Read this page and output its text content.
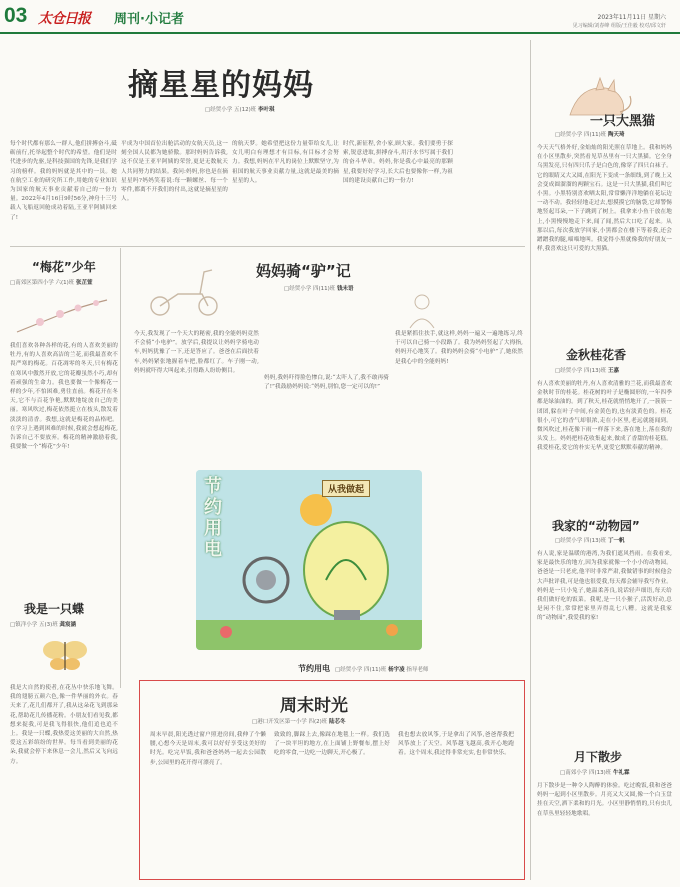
03 太仓日报 周刊·小记者	2023年11月11日 星期六
见习编辑/刘春峰 组版/王佳毅 校对/邱文轩
摘星星的妈妈
□经贸小学 五(12)班 李叶琪
每个时代都有那么一群人,他们拼搏奋斗,砥砺前行,托举起整个时代的希望。他们是时代进步的先驱,是科技强国的先锋,是我们学习的榜样。我的妈妈就是其中的一员。她在航空工业的研究所工作,用她的专业知识为国家的航天事业贡献着自己的一份力量。2022年4月16日9时56分,神舟十三号载人飞船返回舱成功着陆,王亚平阿姨回来了!
平成为中国首位出舱活动的女航天员,这一刻全国人民都为她骄傲。那时妈妈告诉我,这不仅是王亚平阿姨的荣誉,更是无数航天人共同努力的结果。我问:妈妈,你也是在摘星星吗?妈妈笑着说:每一颗螺丝、每一个零件,都离不开我们的付出,这就是摘星星的人。
的航天梦。她希望把这份力量带给女儿,让女儿明白有理想才有目标,有目标才会努力。我想,妈妈在平凡的岗位上默默坚守,为祖国的航天事业贡献力量,这就是最美的摘星星的人。
时代,新征程,舍小家,顾大家。我们要勇于探索,锐意进取,拼搏奋斗,用汗水书写属于我们的奋斗华章。妈妈,你是我心中最亮的那颗星,我要好好学习,长大后也要像你一样,为祖国的建设贡献自己的一份力!
一只大黑猫
□经贸小学 四(11)班 陶天琦
今天天气格外好,金灿灿的阳光照在草地上。我和妈妈在小区里散步,突然看见草丛里有一只大黑猫。它全身乌黑发亮,只有四只爪子是白色的,像穿了四只白袜子。它的眼睛又大又圆,在阳光下变成一条细线,到了晚上又会变成圆溜溜的两颗宝石。这是一只大黑猫,我们叫它小黑。小黑特别喜欢晒太阳,常常懒洋洋地躺在花坛边一动不动。我轻轻地走过去,想摸摸它的脑袋,它却警惕地竖起耳朵,一下子跳到了树上。我拿来小鱼干放在地上,小黑慢慢地走下来,闻了闻,然后大口吃了起来。从那以后,每次我放学回家,小黑都会在楼下等着我,还会蹭蹭我的腿,喵喵地叫。我觉得小黑就像我的好朋友一样,我喜欢这只可爱的大黑猫。
金秋桂花香
□经贸小学 四(13)班 王嘉
有人喜欢美丽的牡丹,有人喜欢清雅的兰花,而我最喜欢金秋时节的桂花。桂花树的叶子是椭圆形的,一年四季都是绿油油的。到了秋天,桂花就悄悄地开了,一簇簇一团团,躲在叶子中间,有金黄色的,也有淡黄色的。桂花很小,可它的香气却很浓,走在小区里,老远就能闻到。微风吹过,桂花像下雨一样落下来,落在地上,落在我的头发上。妈妈把桂花收集起来,做成了香甜的桂花糕。我爱桂花,爱它的朴实无华,更爱它默默奉献的精神。
我家的“动物园”
□经贸小学 四(13)班 丁一帆
有人说,家是温暖的港湾,为我们遮风挡雨。在我看来,家是最快乐的地方,因为我家就像一个小小的动物园。爸爸是一只老虎,他平时非常严肃,我做错事的时候他会大声批评我,可是他也很爱我,每天都会辅导我写作业。妈妈是一只小兔子,她温柔善良,说话轻声细语,每天给我们做好吃的饭菜。我呢,是一只小猴子,活泼好动,总是闲不住,常常把家里弄得乱七八糟。这就是我家的“动物园”,我爱我的家!
月下散步
□南郊小学 四(13)班 牛礼霖
月下散步是一种令人陶醉的体验。吃过晚饭,我和爸爸妈妈一起到小区里散步。月亮又大又圆,像一个白玉盘挂在天空,洒下柔和的月光。小区里静悄悄的,只有虫儿在草丛里轻轻地歌唱。
“梅花”少年
□南郊区第四小学 六(1)班 张芷萱
我们喜欢各种各样的花,有的人喜欢美丽的牡丹,有的人喜欢高洁的兰花,而我最喜欢不畏严寒的梅花。百花凋零的冬天,只有梅花在寒风中傲然开放,它的花瓣虽然小巧,却有着顽强的生命力。我也要做一个像梅花一样的少年,不怕困难,勇往直前。梅花开在冬天,它不与百花争艳,默默地绽放自己的美丽。寒风吹过,梅花依然挺立在枝头,散发着淡淡的清香。我想,这就是梅花的品格吧。在学习上遇到困难的时候,我就会想起梅花,告诉自己不要放弃。梅花的精神激励着我,我要做一个“梅花”少年!
我是一只蝶
□镇洋小学 五(3)班 龚宸涵
我是大自然的使者,在花丛中快乐地飞舞。我的翅膀五颜六色,像一件华丽的外衣。春天来了,花儿们都开了,我从这朵花飞到那朵花,帮助花儿传播花粉。小朋友们看见我,都想来捉我,可是我飞得很快,他们追也追不上。我是一只蝶,我热爱这美丽的大自然,热爱这五彩缤纷的世界。每当看到美丽的花朵,我就会停下来休息一会儿,然后又飞向远方。
妈妈骑“驴”记
□经贸小学 四(11)班 钱未语
今天,我发现了一个天大的秘密,我的全能妈妈竟然不会骑“小电驴”。放学后,我提议让妈妈学骑电动车,妈妈犹豫了一下,还是答应了。爸爸在后面扶着车,妈妈紧张地握着车把,脸都红了。车子刚一动,妈妈就吓得大叫起来,引得路人纷纷侧目。
妈妈,我妈吓得脸色惨白,说:“太吓人了,我不敢再骑了!”我鼓励妈妈说:“妈妈,别怕,您一定可以的!”
我是紧抓住扶手,就这样,妈妈一遍又一遍地练习,终于可以自己骑一小段路了。我为妈妈竖起了大拇指,妈妈开心地笑了。我的妈妈会骑“小电驴”了,她依然是我心中的全能妈妈!
节约用电
从我做起
节约用电 □经贸小学 四(11)班 杨宇凌 指导老师
周末时光
□港口开发区第一小学 四(2)班 陆芯冬
周末早晨,阳光透过窗户照进房间,我伸了个懒腰,心想今天是周末,我可以好好享受这美好的时光。吃完早饭,我和爸爸妈妈一起去公园散步,公园里的花开得可漂亮了。
致致的,脚踩上去,像踩在地毯上一样。我们选了一块平坦的地方,在上面铺上野餐布,摆上好吃的零食,一边吃一边聊天,开心极了。
我也想去放风筝,于是拿出了风筝,爸爸帮我把风筝放上了天空。风筝越飞越高,我开心地跑着。这个周末,我过得非常充实,也非常快乐。
